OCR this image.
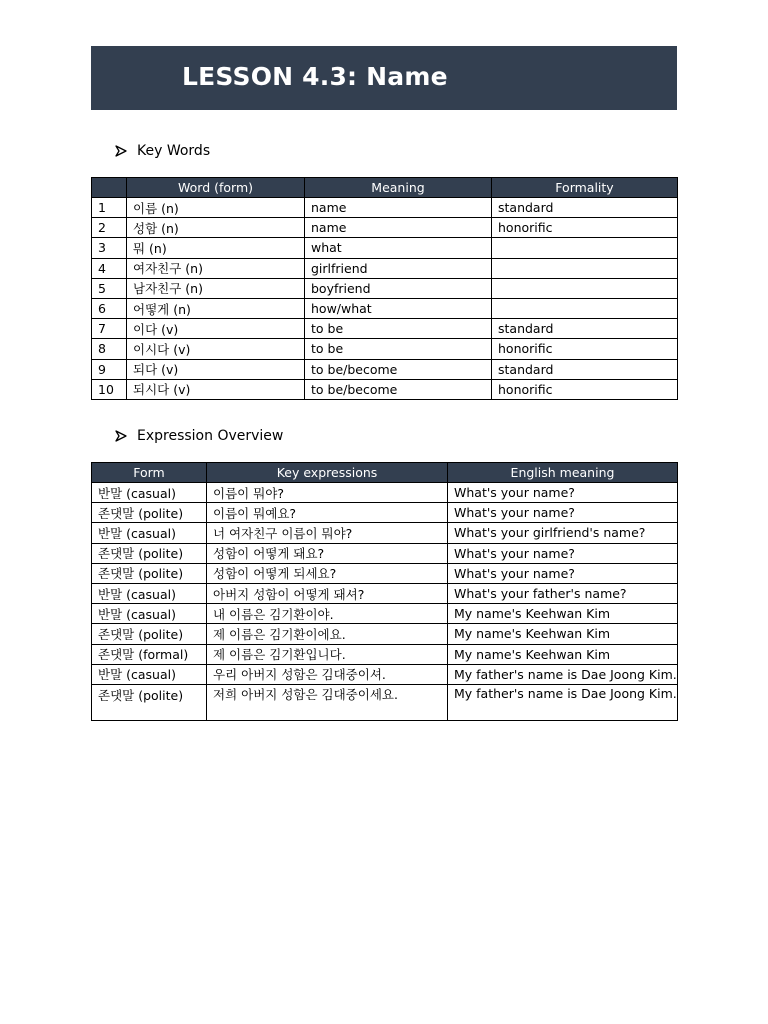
LESSON 4.3: Name
Key Words
	Word (form)	Meaning	Formality
1	이름 (n)	name	standard
2	성함 (n)	name	honorific
3	뭐 (n)	what	
4	여자친구 (n)	girlfriend	
5	남자친구 (n)	boyfriend	
6	어떻게 (n)	how/what	
7	이다 (v)	to be	standard
8	이시다 (v)	to be	honorific
9	되다 (v)	to be/become	standard
10	되시다 (v)	to be/become	honorific
Expression Overview
Form	Key expressions	English meaning
반말 (casual)	이름이 뭐야?	What's your name?
존댓말 (polite)	이름이 뭐예요?	What's your name?
반말 (casual)	너 여자친구 이름이 뭐야?	What's your girlfriend's name?
존댓말 (polite)	성함이 어떻게 돼요?	What's your name?
존댓말 (polite)	성함이 어떻게 되세요?	What's your name?
반말 (casual)	아버지 성함이 어떻게 돼셔?	What's your father's name?
반말 (casual)	내 이름은 김기환이야.	My name's Keehwan Kim
존댓말 (polite)	제 이름은 김기환이에요.	My name's Keehwan Kim
존댓말 (formal)	제 이름은 김기환입니다.	My name's Keehwan Kim
반말 (casual)	우리 아버지 성함은 김대중이셔.	My father's name is Dae Joong Kim.
존댓말 (polite)	저희 아버지 성함은 김대중이세요.	My father's name is Dae Joong Kim.
